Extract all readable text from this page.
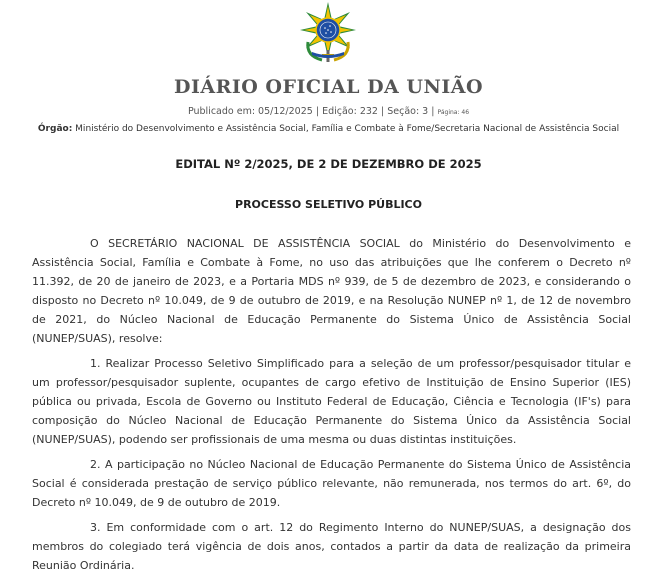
DIÁRIO OFICIAL DA UNIÃO
Publicado em: 05/12/2025 | Edição: 232 | Seção: 3 | Página: 46
Órgão: Ministério do Desenvolvimento e Assistência Social, Família e Combate à Fome/Secretaria Nacional de Assistência Social
EDITAL Nº 2/2025, DE 2 DE DEZEMBRO DE 2025
PROCESSO SELETIVO PÚBLICO

O SECRETÁRIO NACIONAL DE ASSISTÊNCIA SOCIAL do Ministério do Desenvolvimento e Assistência Social, Família e Combate à Fome, no uso das atribuições que lhe conferem o Decreto nº 11.392, de 20 de janeiro de 2023, e a Portaria MDS nº 939, de 5 de dezembro de 2023, e considerando o disposto no Decreto nº 10.049, de 9 de outubro de 2019, e na Resolução NUNEP nº 1, de 12 de novembro de 2021, do Núcleo Nacional de Educação Permanente do Sistema Único de Assistência Social (NUNEP/SUAS), resolve:

1. Realizar Processo Seletivo Simplificado para a seleção de um professor/pesquisador titular e um professor/pesquisador suplente, ocupantes de cargo efetivo de Instituição de Ensino Superior (IES) pública ou privada, Escola de Governo ou Instituto Federal de Educação, Ciência e Tecnologia (IF's) para composição do Núcleo Nacional de Educação Permanente do Sistema Único da Assistência Social (NUNEP/SUAS), podendo ser profissionais de uma mesma ou duas distintas instituições.

2. A participação no Núcleo Nacional de Educação Permanente do Sistema Único de Assistência Social é considerada prestação de serviço público relevante, não remunerada, nos termos do art. 6º, do Decreto nº 10.049, de 9 de outubro de 2019.

3. Em conformidade com o art. 12 do Regimento Interno do NUNEP/SUAS, a designação dos membros do colegiado terá vigência de dois anos, contados a partir da data de realização da primeira Reunião Ordinária.
